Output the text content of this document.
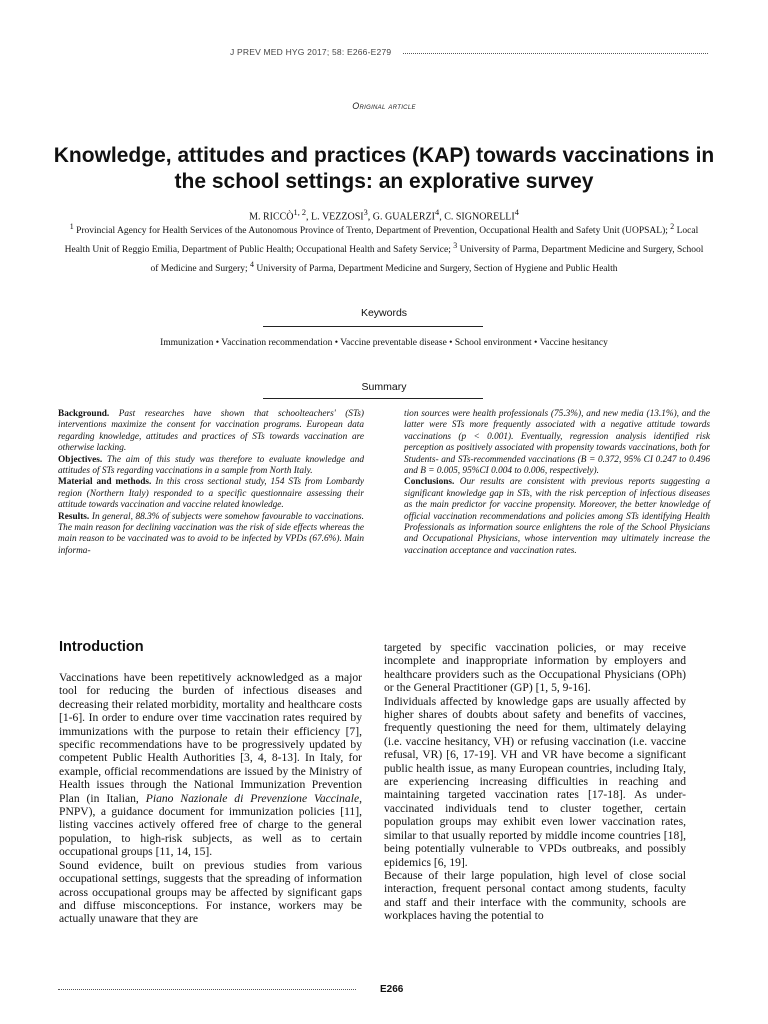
J PREV MED HYG 2017; 58: E266-E279
Original article
Knowledge, attitudes and practices (KAP) towards vaccinations in the school settings: an explorative survey
M. RICCÒ$^{1, 2}$, L. VEZZOSI$^3$, G. GUALERZI$^4$, C. SIGNORELLI$^4$
$^1$ Provincial Agency for Health Services of the Autonomous Province of Trento, Department of Prevention, Occupational Health and Safety Unit (UOPSAL); $^2$ Local Health Unit of Reggio Emilia, Department of Public Health; Occupational Health and Safety Service; $^3$ University of Parma, Department Medicine and Surgery, School of Medicine and Surgery; $^4$ University of Parma, Department Medicine and Surgery, Section of Hygiene and Public Health
Keywords
Immunization • Vaccination recommendation • Vaccine preventable disease • School environment • Vaccine hesitancy
Summary

Background. Past researches have shown that schoolteachers' (STs) interventions maximize the consent for vaccination programs. European data regarding knowledge, attitudes and practices of STs towards vaccination are otherwise lacking.

Objectives. The aim of this study was therefore to evaluate knowledge and attitudes of STs regarding vaccinations in a sample from North Italy.

Material and methods. In this cross sectional study, 154 STs from Lombardy region (Northern Italy) responded to a specific questionnaire assessing their attitude towards vaccination and vaccine related knowledge.

Results. In general, 88.3% of subjects were somehow favourable to vaccinations. The main reason for declining vaccination was the risk of side effects whereas the main reason to be vaccinated was to avoid to be infected by VPDs (67.6%). Main informa-

tion sources were health professionals (75.3%), and new media (13.1%), and the latter were STs more frequently associated with a negative attitude towards vaccinations (p < 0.001). Eventually, regression analysis identified risk perception as positively associated with propensity towards vaccinations, both for Students- and STs-recommended vaccinations (B = 0.372, 95% CI 0.247 to 0.496 and B = 0.005, 95%CI 0.004 to 0.006, respectively).

Conclusions. Our results are consistent with previous reports suggesting a significant knowledge gap in STs, with the risk perception of infectious diseases as the main predictor for vaccine propensity. Moreover, the better knowledge of official vaccination recommendations and policies among STs identifying Health Professionals as information source enlightens the role of the School Physicians and Occupational Physicians, whose intervention may ultimately increase the vaccination acceptance and vaccination rates.

Introduction

Vaccinations have been repetitively acknowledged as a major tool for reducing the burden of infectious diseases and decreasing their related morbidity, mortality and healthcare costs [1-6]. In order to endure over time vaccination rates required by immunizations with the purpose to retain their efficiency [7], specific recommendations have to be progressively updated by competent Public Health Authorities [3, 4, 8-13]. In Italy, for example, official recommendations are issued by the Ministry of Health issues through the National Immunization Prevention Plan (in Italian, Piano Nazionale di Prevenzione Vaccinale, PNPV), a guidance document for immunization policies [11], listing vaccines actively offered free of charge to the general population, to high-risk subjects, as well as to certain occupational groups [11, 14, 15].

Sound evidence, built on previous studies from various occupational settings, suggests that the spreading of information across occupational groups may be affected by significant gaps and diffuse misconceptions. For instance, workers may be actually unaware that they are

targeted by specific vaccination policies, or may receive incomplete and inappropriate information by employers and healthcare providers such as the Occupational Physicians (OPh) or the General Practitioner (GP) [1, 5, 9-16].

Individuals affected by knowledge gaps are usually affected by higher shares of doubts about safety and benefits of vaccines, frequently questioning the need for them, ultimately delaying (i.e. vaccine hesitancy, VH) or refusing vaccination (i.e. vaccine refusal, VR) [6, 17-19]. VH and VR have become a significant public health issue, as many European countries, including Italy, are experiencing increasing difficulties in reaching and maintaining targeted vaccination rates [17-18]. As under-vaccinated individuals tend to cluster together, certain population groups may exhibit even lower vaccination rates, similar to that usually reported by middle income countries [18], being potentially vulnerable to VPDs outbreaks, and possibly epidemics [6, 19].

Because of their large population, high level of close social interaction, frequent personal contact among students, faculty and staff and their interface with the community, schools are workplaces having the potential to

E266
